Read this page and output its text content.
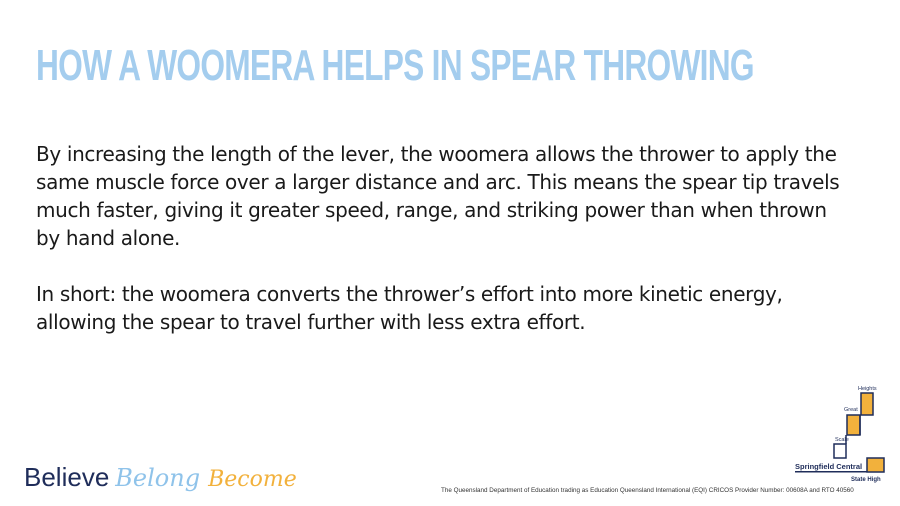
HOW A WOOMERA HELPS IN SPEAR THROWING

By increasing the length of the lever, the woomera allows the thrower to apply the same muscle force over a larger distance and arc. This means the spear tip travels much faster, giving it greater speed, range, and striking power than when thrown by hand alone.

In short: the woomera converts the thrower’s effort into more kinetic energy, allowing the spear to travel further with less extra effort.

Believe Belong Become	The Queensland Department of Education trading as Education Queensland International (EQI) CRICOS Provider Number: 00608A and RTO 40560

Heights
Great
Scale
Springfield Central
State High
